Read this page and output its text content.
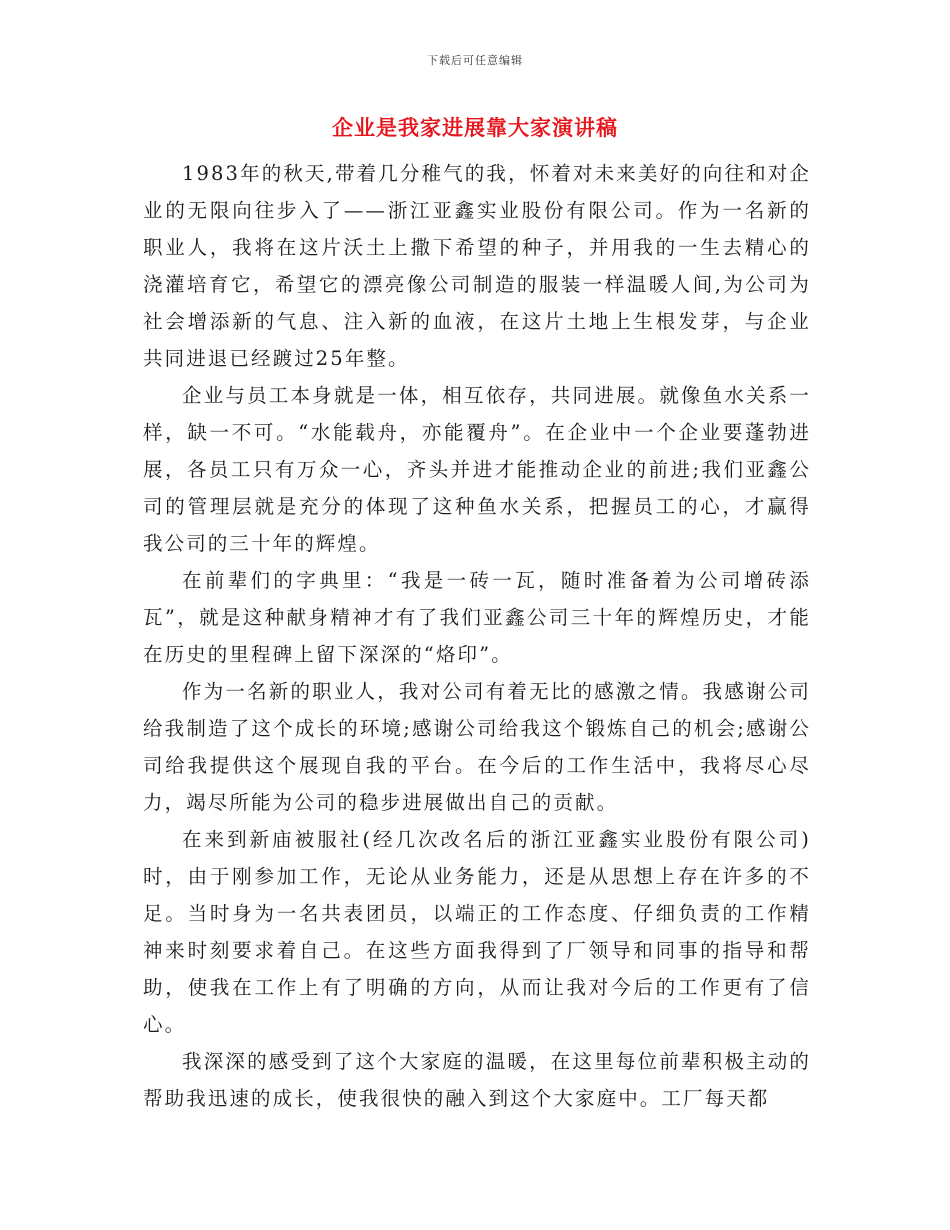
下载后可任意编辑
企业是我家进展靠大家演讲稿

1983年的秋天,带着几分稚气的我，怀着对未来美好的向往和对企业的无限向往步入了——浙江亚鑫实业股份有限公司。作为一名新的职业人，我将在这片沃土上撒下希望的种子，并用我的一生去精心的浇灌培育它，希望它的漂亮像公司制造的服装一样温暖人间,为公司为社会增添新的气息、注入新的血液，在这片土地上生根发芽，与企业共同进退已经踱过25年整。

企业与员工本身就是一体，相互依存，共同进展。就像鱼水关系一样，缺一不可。“水能载舟，亦能覆舟”。在企业中一个企业要蓬勃进展，各员工只有万众一心，齐头并进才能推动企业的前进;我们亚鑫公司的管理层就是充分的体现了这种鱼水关系，把握员工的心，才赢得我公司的三十年的辉煌。

在前辈们的字典里：“我是一砖一瓦，随时准备着为公司增砖添瓦”，就是这种献身精神才有了我们亚鑫公司三十年的辉煌历史，才能在历史的里程碑上留下深深的“烙印”。

作为一名新的职业人，我对公司有着无比的感激之情。我感谢公司给我制造了这个成长的环境;感谢公司给我这个锻炼自己的机会;感谢公司给我提供这个展现自我的平台。在今后的工作生活中，我将尽心尽力，竭尽所能为公司的稳步进展做出自己的贡献。

在来到新庙被服社(经几次改名后的浙江亚鑫实业股份有限公司)时，由于刚参加工作，无论从业务能力，还是从思想上存在许多的不足。当时身为一名共表团员，以端正的工作态度、仔细负责的工作精神来时刻要求着自己。在这些方面我得到了厂领导和同事的指导和帮助，使我在工作上有了明确的方向，从而让我对今后的工作更有了信心。

我深深的感受到了这个大家庭的温暖，在这里每位前辈积极主动的帮助我迅速的成长，使我很快的融入到这个大家庭中。工厂每天都
